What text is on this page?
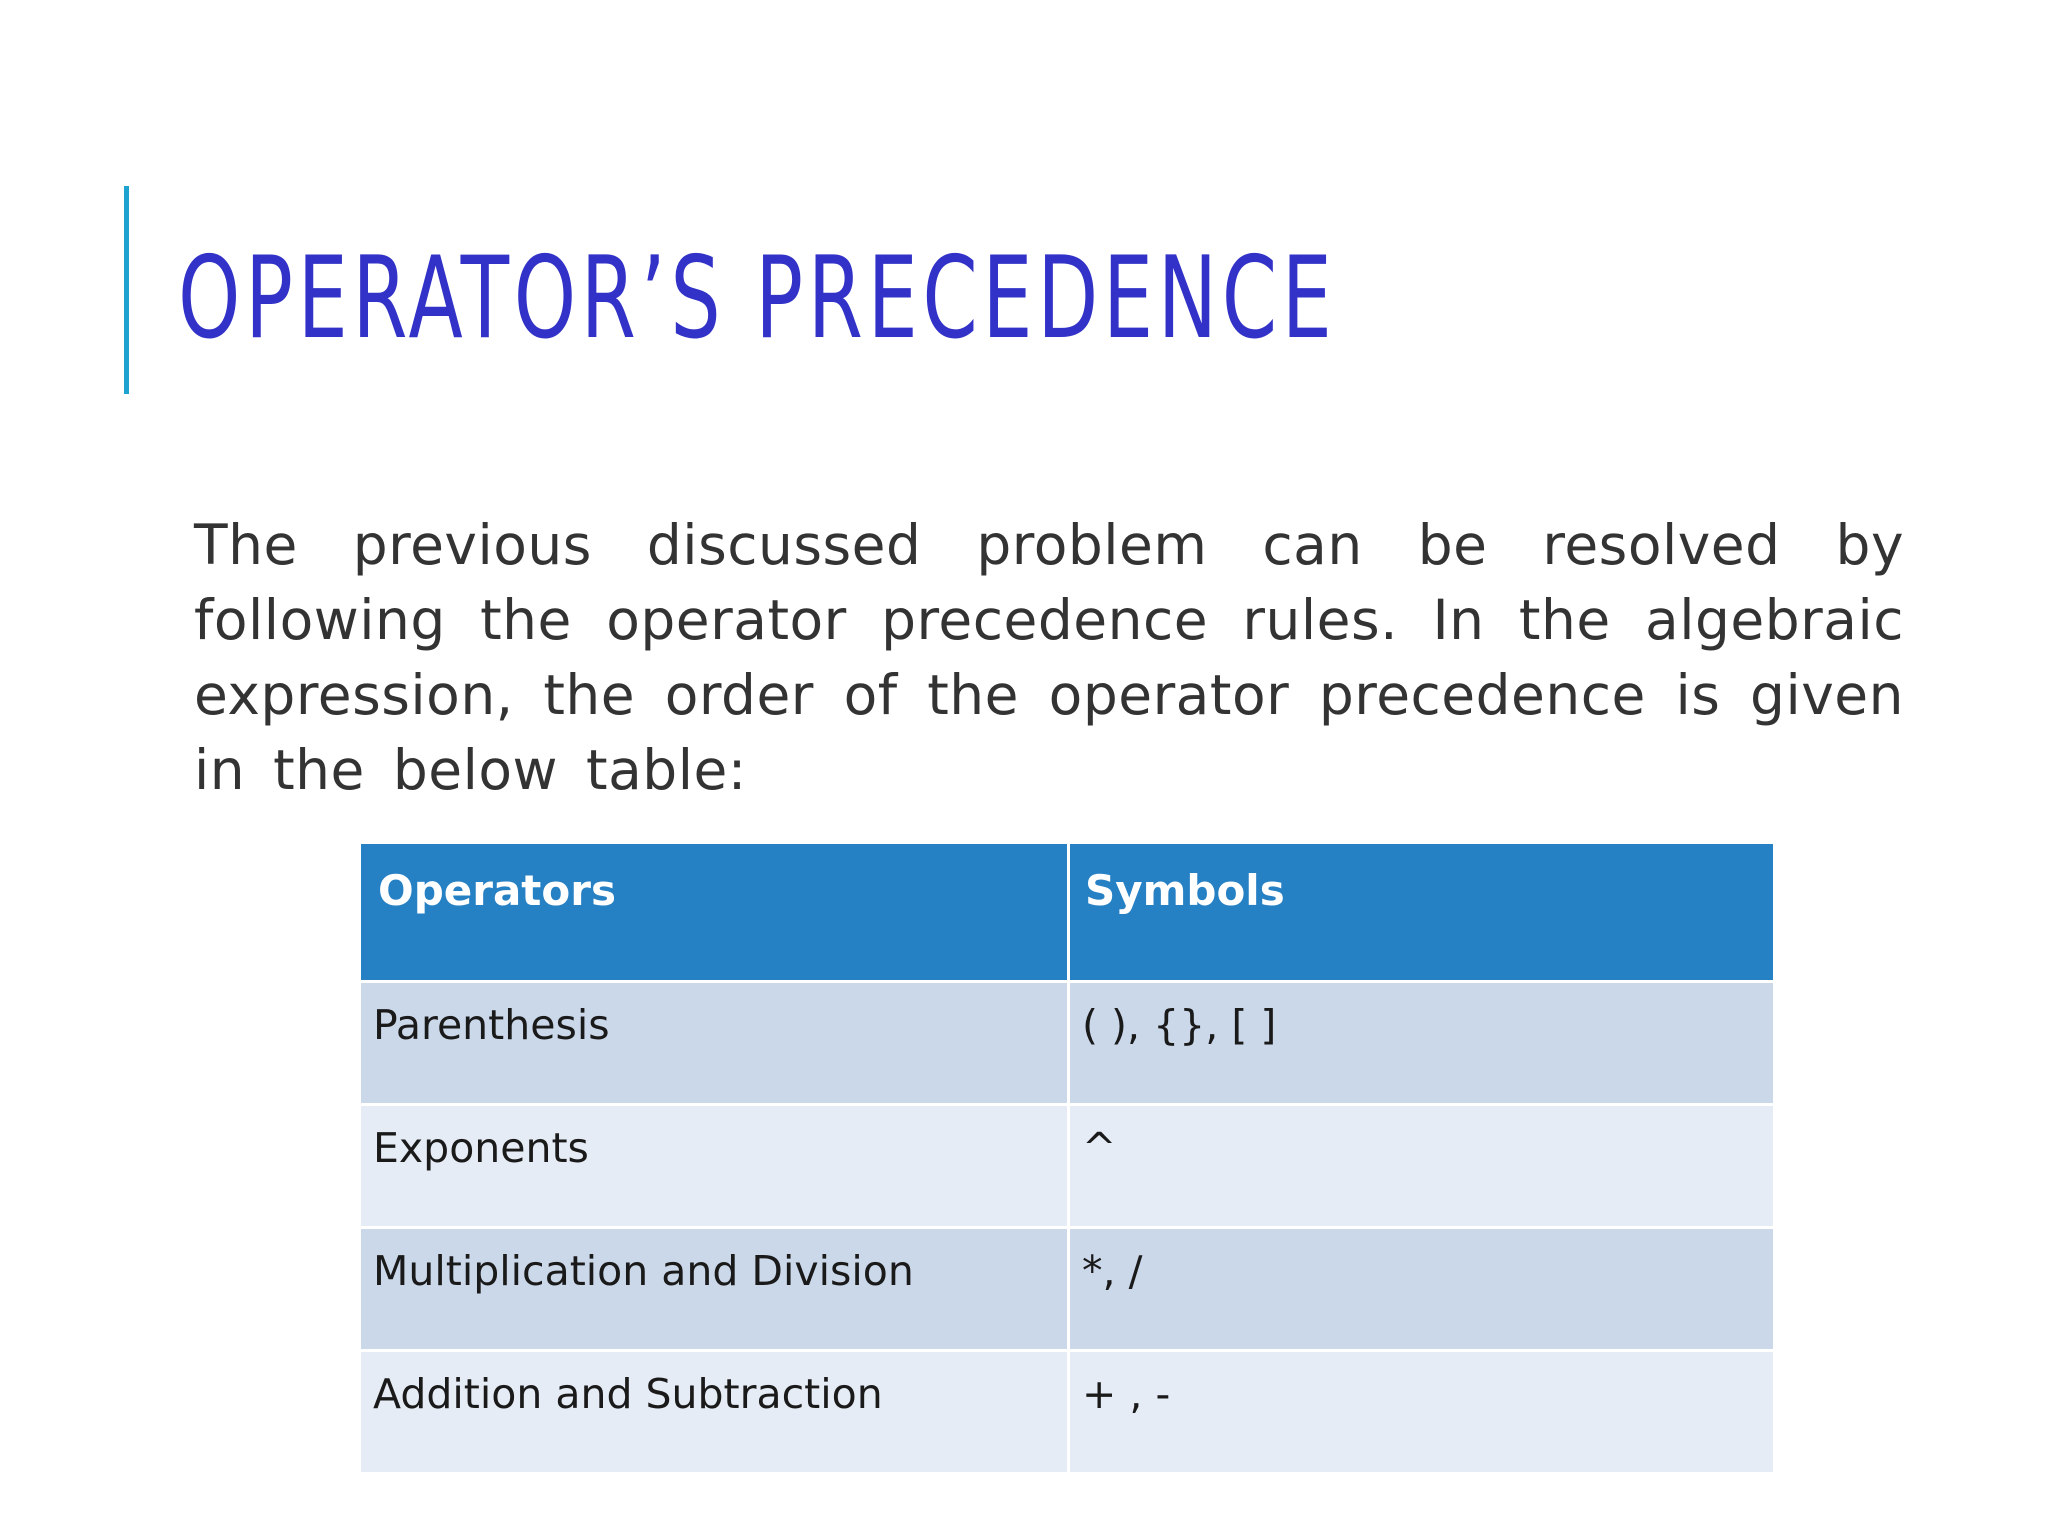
OPERATOR’S PRECEDENCE

The previous discussed problem can be resolved by following the operator precedence rules. In the algebraic expression, the order of the operator precedence is given in the below table:

Operators	Symbols
Parenthesis	( ), {}, [ ]
Exponents	^
Multiplication and Division	*, /
Addition and Subtraction	+ , -
